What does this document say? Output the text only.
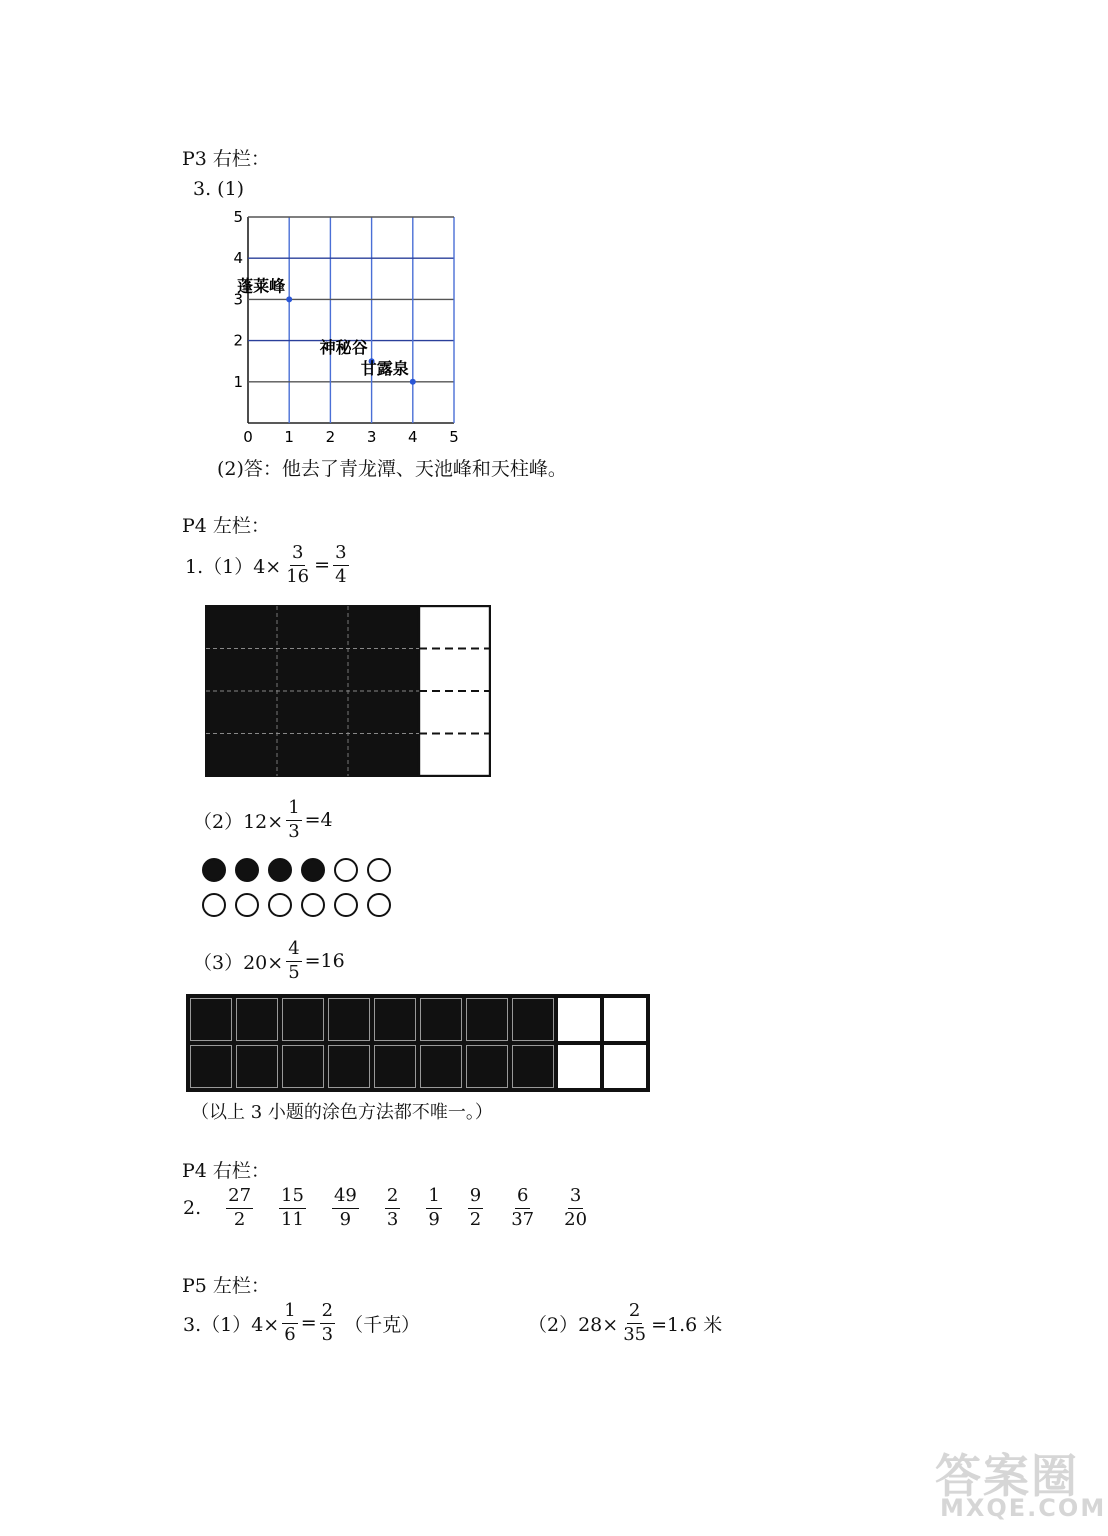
P3 右栏：
3. (1)
0 1 2 3 4 5
1
2
3
4
5
蓬莱峰
神秘谷
甘露泉
(2)答：他去了青龙潭、天池峰和天柱峰。
P4 左栏：
$1.(1)4\times \frac{3}{16} = \frac{3}{4}$
$(2)12\times \frac{1}{3} =4$
$(3)20\times \frac{4}{5} =16$
（以上 3 小题的涂色方法都不唯一。）
P4 右栏：
2. $\frac{27}{2} \frac{15}{11} \frac{49}{9} \frac{2}{3} \frac{1}{9} \frac{9}{2} \frac{6}{37} \frac{3}{20}$
P5 左栏：
$3.(1)4\times \frac{1}{6} = \frac{2}{3}$ （千克）	$(2)28\times \frac{2}{35} =1.6$ 米
答案圈
MXQE.COM
